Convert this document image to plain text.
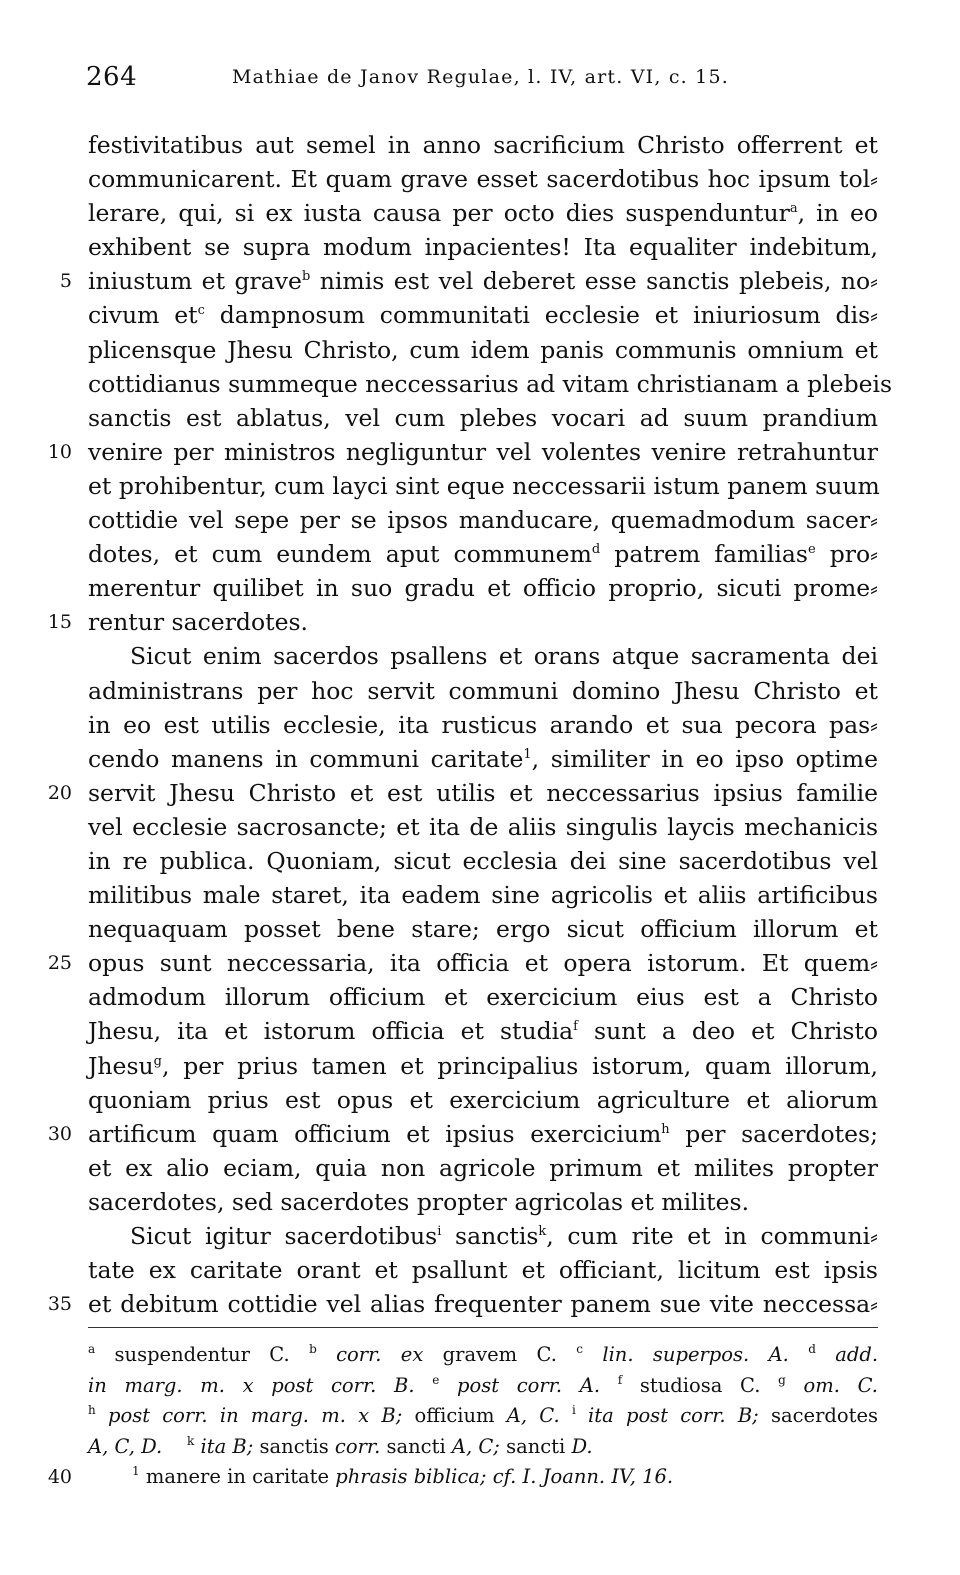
264	Mathiae de Janov Regulae, l. IV, art. VI, c. 15.
festivitatibus aut semel in anno sacrificium Christo offerrent et
communicarent. Et quam grave esset sacerdotibus hoc ipsum tol⸗
lerare, qui, si ex iusta causa per octo dies suspenduntur$^a$, in eo
exhibent se supra modum inpacientes! Ita equaliter indebitum,
5 iniustum et grave$^b$ nimis est vel deberet esse sanctis plebeis, no⸗
civum $et^c$ dampnosum communitati ecclesie et iniuriosum dis⸗
plicensque Jhesu Christo, cum idem panis communis omnium et
cottidianus summeque neccessarius ad vitam christianam a plebeis
sanctis est ablatus, vel cum plebes vocari ad suum prandium
10 venire per ministros negliguntur vel volentes venire retrahuntur
et prohibentur, cum layci sint eque neccessarii istum panem suum
cottidie vel sepe per se ipsos manducare, quemadmodum sacer⸗
dotes, et cum eundem aput communem$^d$ patrem familias$^e$ pro⸗
merentur quilibet in suo gradu et officio proprio, sicuti prome⸗
15 rentur sacerdotes.
Sicut enim sacerdos psallens et orans atque sacramenta dei
administrans per hoc servit communi domino Jhesu Christo et
in eo est utilis ecclesie, ita rusticus arando et sua pecora pas⸗
cendo manens in communi caritate$^1$, similiter in eo ipso optime
20 servit Jhesu Christo et est utilis et neccessarius ipsius familie
vel ecclesie sacrosancte; et ita de aliis singulis laycis mechanicis
in re publica. Quoniam, sicut ecclesia dei sine sacerdotibus vel
militibus male staret, ita eadem sine agricolis et aliis artificibus
nequaquam posset bene stare; ergo sicut officium illorum et
25 opus sunt neccessaria, ita officia et opera istorum. Et quem⸗
admodum illorum officium et exercicium eius est a Christo
Jhesu, ita et istorum officia et studia$^f$ sunt a deo et Christo
Jhesu$^g$, per prius tamen et principalius istorum, quam illorum,
quoniam prius est opus et exercicium agriculture et aliorum
30 artificum quam officium et ipsius exercicium$^h$ per sacerdotes;
et ex alio eciam, quia non agricole primum et milites propter
sacerdotes, sed sacerdotes propter agricolas et milites.
Sicut igitur sacerdotibus$^i$ sanctis$^k$, cum rite et in communi⸗
tate ex caritate orant et psallunt et officiant, licitum est ipsis
35 et debitum cottidie vel alias frequenter panem sue vite neccessa⸗
$^a$ suspendentur C. $^b$ corr. ex gravem C. $^c$ lin. superpos. A. $^d$ add.
in marg. m. x post corr. B. $^e$ post corr. A. $^f$ studiosa C. $^g$ om. C.
$^h$ post corr. in marg. m. x B; officium A, C. $^i$ ita post corr. B; sacerdotes
A, C, D. $^k$ ita B; sanctis corr. sancti A, C; sancti D.
40	$^1$ manere in caritate phrasis biblica; cf. I. Joann. IV, 16.
